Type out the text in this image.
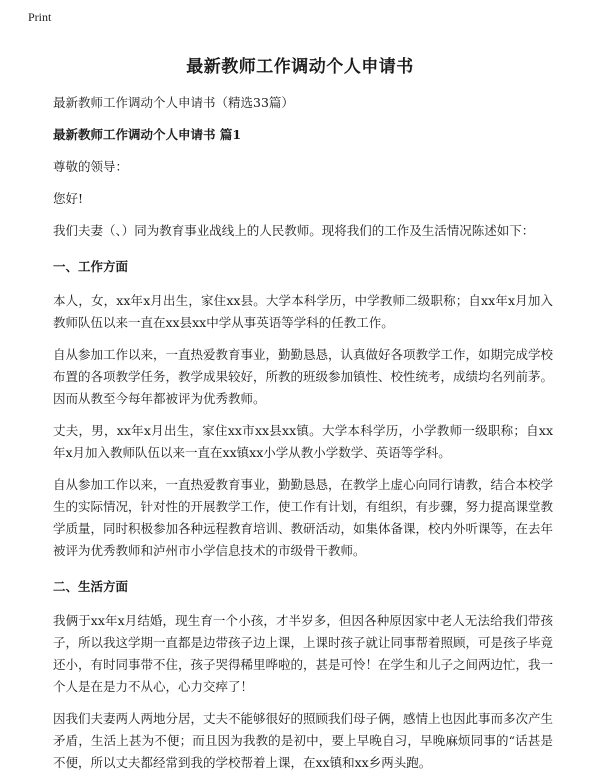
Print
最新教师工作调动个人申请书

最新教师工作调动个人申请书（精选33篇）

最新教师工作调动个人申请书 篇1

尊敬的领导：

您好!

我们夫妻（、）同为教育事业战线上的人民教师。现将我们的工作及生活情况陈述如下：

一、工作方面

本人，女，xx年x月出生，家住xx县。大学本科学历，中学教师二级职称；自xx年x月加入教师队伍以来一直在xx县xx中学从事英语等学科的任教工作。

自从参加工作以来，一直热爱教育事业，勤勤恳恳，认真做好各项教学工作，如期完成学校布置的各项教学任务，教学成果较好，所教的班级参加镇性、校性统考，成绩均名列前茅。因而从教至今每年都被评为优秀教师。

丈夫，男，xx年x月出生，家住xx市xx县xx镇。大学本科学历，小学教师一级职称；自xx年x月加入教师队伍以来一直在xx镇xx小学从教小学数学、英语等学科。

自从参加工作以来，一直热爱教育事业，勤勤恳恳，在教学上虚心向同行请教，结合本校学生的实际情况，针对性的开展教学工作，使工作有计划，有组织，有步骤，努力提高课堂教学质量，同时积极参加各种远程教育培训、教研活动，如集体备课，校内外听课等，在去年被评为优秀教师和泸州市小学信息技术的市级骨干教师。

二、生活方面

我俩于xx年x月结婚，现生育一个小孩，才半岁多，但因各种原因家中老人无法给我们带孩子，所以我这学期一直都是边带孩子边上课，上课时孩子就让同事帮着照顾，可是孩子毕竟还小，有时同事带不住，孩子哭得稀里哗啦的，甚是可怜！在学生和儿子之间两边忙，我一个人是在是力不从心，心力交瘁了！

因我们夫妻两人两地分居，丈夫不能够很好的照顾我们母子俩，感情上也因此事而多次产生矛盾，生活上甚为不便；而且因为我教的是初中，要上早晚自习，早晚麻烦同事的“话甚是不便，所以丈夫都经常到我的学校帮着上课，在xx镇和xx乡两头跑。
